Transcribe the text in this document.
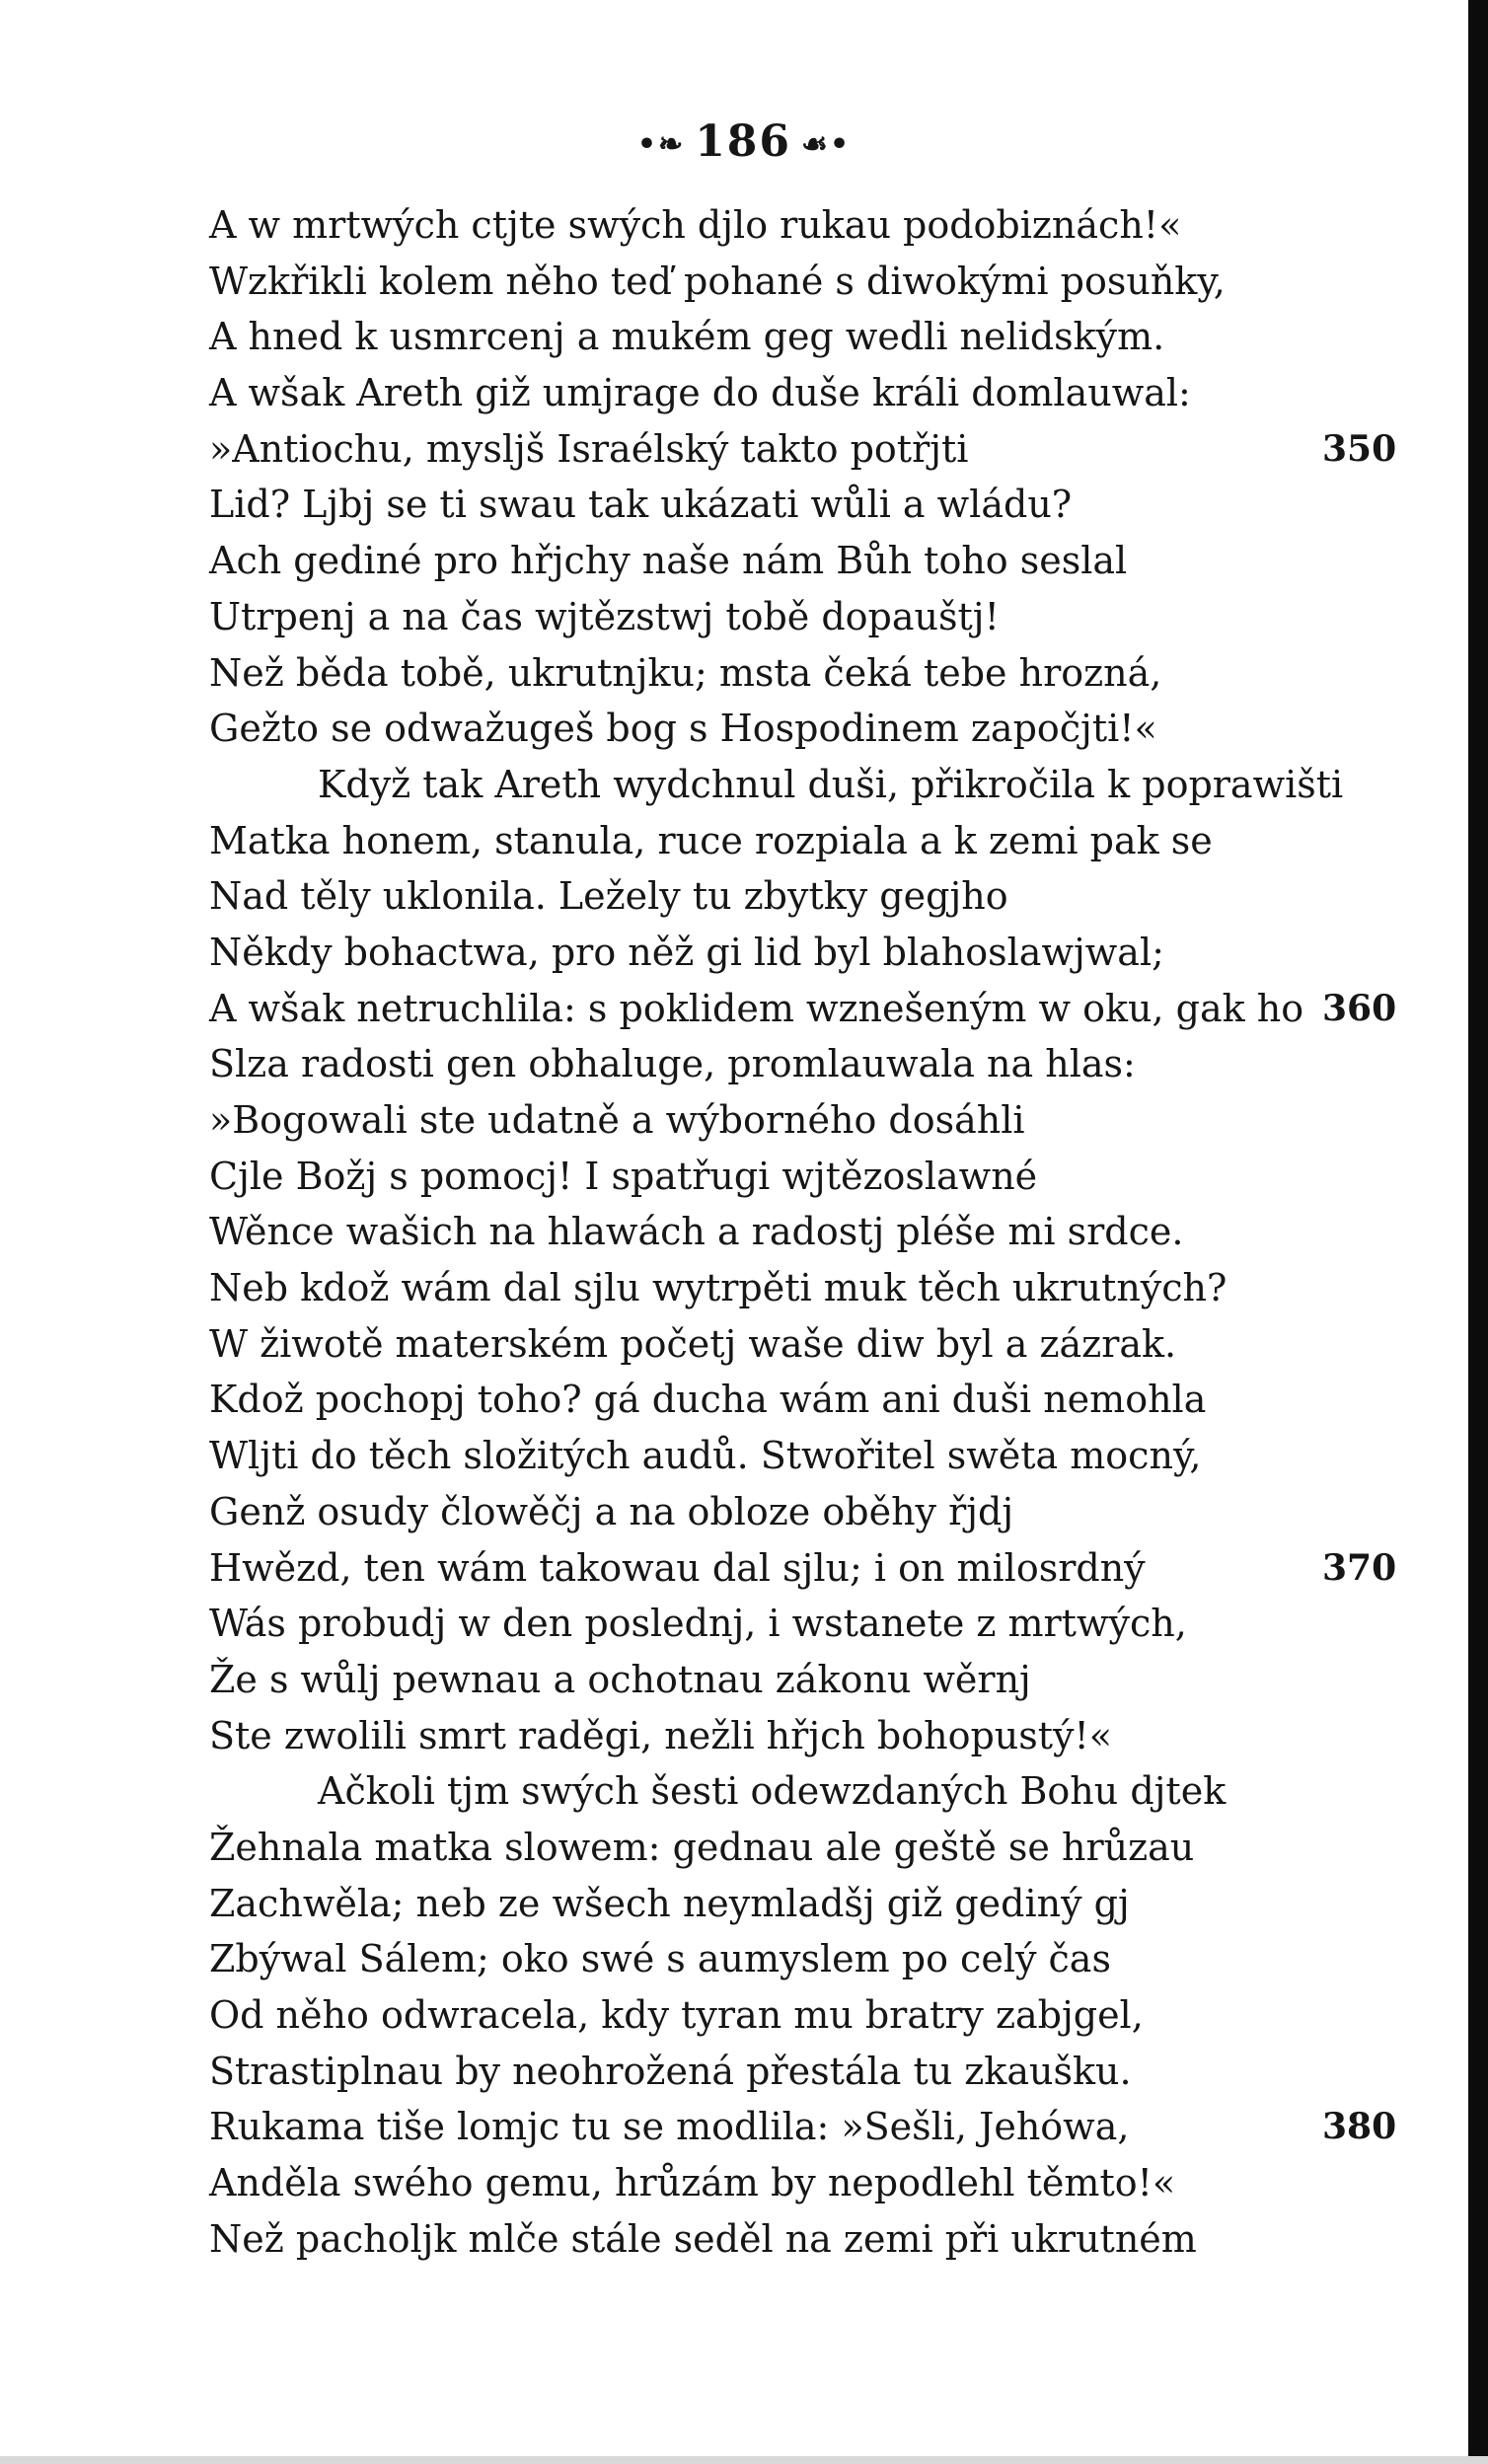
•❧ 186 ☙•
A w mrtwých ctjte swých djlo rukau podobiznách!«
Wzkřikli kolem něho teď pohané s diwokými posuňky,
A hned k usmrcenj a mukém geg wedli nelidským.
A wšak Areth giž umjrage do duše králi domlauwal:
»Antiochu, mysljš Israélský takto potřjti	350
Lid? Ljbj se ti swau tak ukázati wůli a wládu?
Ach gediné pro hřjchy naše nám Bůh toho seslal
Utrpenj a na čas wjtězstwj tobě dopauštj!
Než běda tobě, ukrutnjku; msta čeká tebe hrozná,
Gežto se odwažugeš bog s Hospodinem započjti!«
Když tak Areth wydchnul duši, přikročila k poprawišti
Matka honem, stanula, ruce rozpiala a k zemi pak se
Nad těly uklonila. Ležely tu zbytky gegjho
Někdy bohactwa, pro něž gi lid byl blahoslawjwal;
A wšak netruchlila: s poklidem wznešeným w oku, gak ho 360
Slza radosti gen obhaluge, promlauwala na hlas:
»Bogowali ste udatně a wýborného dosáhli
Cjle Božj s pomocj! I spatřugi wjtězoslawné
Wěnce wašich na hlawách a radostj pléše mi srdce.
Neb kdož wám dal sjlu wytrpěti muk těch ukrutných?
W žiwotě materském početj waše diw byl a zázrak.
Kdož pochopj toho? gá ducha wám ani duši nemohla
Wljti do těch složitých audů. Stwořitel swěta mocný,
Genž osudy člowěčj a na obloze oběhy řjdj
Hwězd, ten wám takowau dal sjlu; i on milosrdný	370
Wás probudj w den poslednj, i wstanete z mrtwých,
Že s wůlj pewnau a ochotnau zákonu wěrnj
Ste zwolili smrt raděgi, nežli hřjch bohopustý!«
Ačkoli tjm swých šesti odewzdaných Bohu djtek
Žehnala matka slowem: gednau ale geště se hrůzau
Zachwěla; neb ze wšech neymladšj giž gediný gj
Zbýwal Sálem; oko swé s aumyslem po celý čas
Od něho odwracela, kdy tyran mu bratry zabjgel,
Strastiplnau by neohrožená přestála tu zkaušku.
Rukama tiše lomjc tu se modlila: »Sešli, Jehówa,	380
Anděla swého gemu, hrůzám by nepodlehl těmto!«
Než pacholjk mlče stále seděl na zemi při ukrutném
